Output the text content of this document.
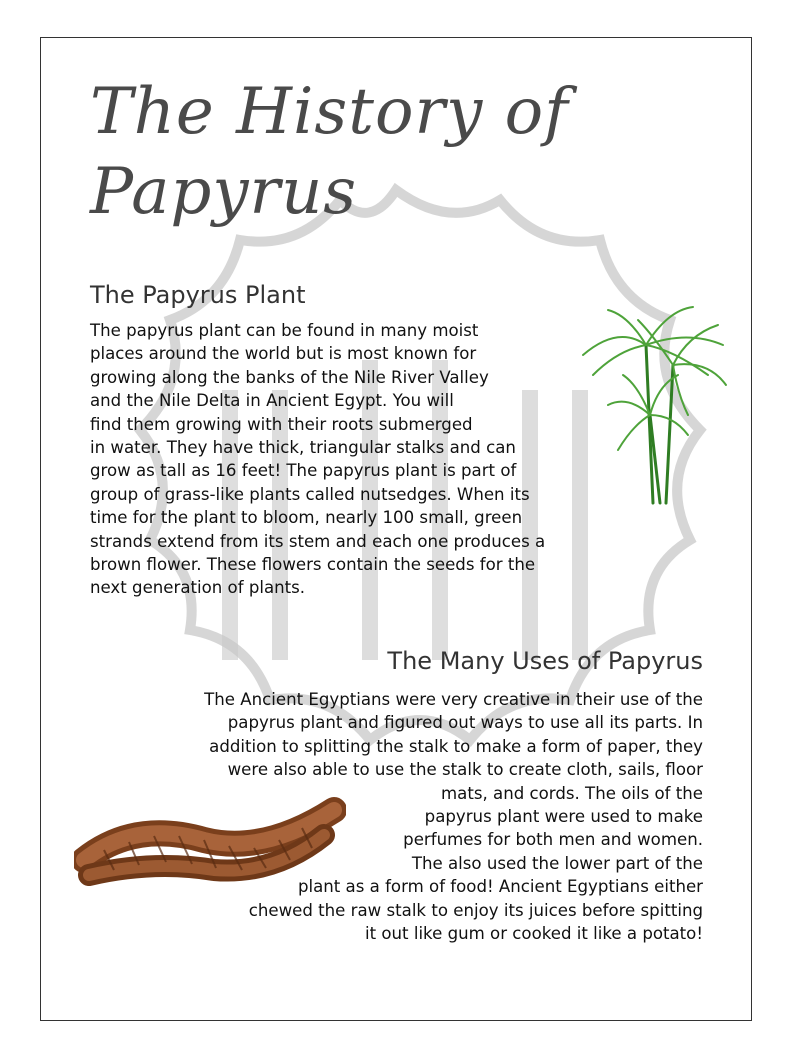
The History of
Papyrus
The Papyrus Plant
The papyrus plant can be found in many moist
places around the world but is most known for
growing along the banks of the Nile River Valley
and the Nile Delta in Ancient Egypt. You will
find them growing with their roots submerged
in water. They have thick, triangular stalks and can
grow as tall as 16 feet! The papyrus plant is part of
group of grass-like plants called nutsedges. When its
time for the plant to bloom, nearly 100 small, green
strands extend from its stem and each one produces a
brown flower. These flowers contain the seeds for the
next generation of plants.
The Many Uses of Papyrus
The Ancient Egyptians were very creative in their use of the
papyrus plant and figured out ways to use all its parts. In
addition to splitting the stalk to make a form of paper, they
were also able to use the stalk to create cloth, sails, floor
mats, and cords. The oils of the
papyrus plant were used to make
perfumes for both men and women.
The also used the lower part of the
plant as a form of food! Ancient Egyptians either
chewed the raw stalk to enjoy its juices before spitting
it out like gum or cooked it like a potato!
